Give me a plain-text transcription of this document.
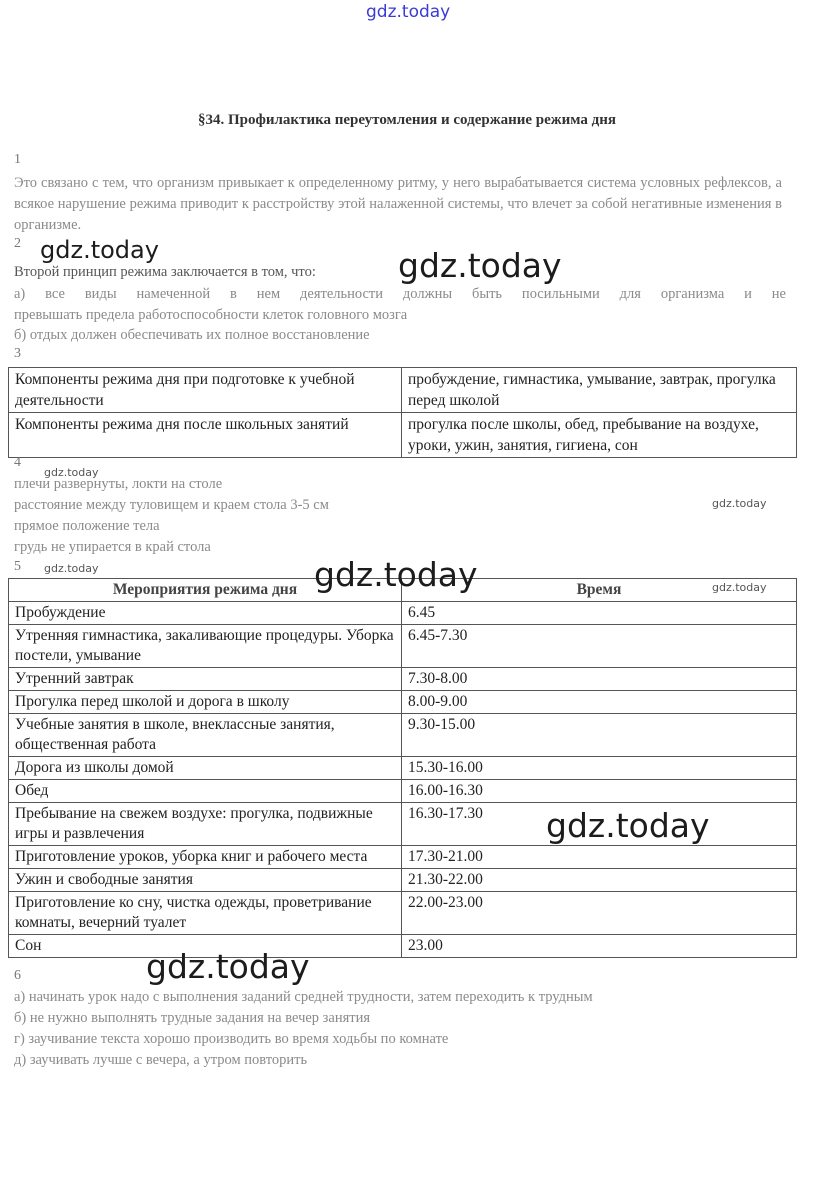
gdz.today
§34. Профилактика переутомления и содержание режима дня
1
Это связано с тем, что организм привыкает к определенному ритму, у него вырабатывается система условных рефлексов, а всякое нарушение режима приводит к расстройству этой налаженной системы, что влечет за собой негативные изменения в организме.
2
Второй принцип режима заключается в том, что:
а) все виды намеченной в нем деятельности должны быть посильными для организма и не
превышать предела работоспособности клеток головного мозга
б) отдых должен обеспечивать их полное восстановление
3
Компоненты режима дня при подготовке к учебной деятельности	пробуждение, гимнастика, умывание, завтрак, прогулка перед школой
Компоненты режима дня после школьных занятий	прогулка после школы, обед, пребывание на воздухе, уроки, ужин, занятия, гигиена, сон
4
плечи развернуты, локти на столе
расстояние между туловищем и краем стола 3-5 см
прямое положение тела
грудь не упирается в край стола
5
Мероприятия режима дня	Время
Пробуждение	6.45
Утренняя гимнастика, закаливающие процедуры. Уборка постели, умывание	6.45-7.30
Утренний завтрак	7.30-8.00
Прогулка перед школой и дорога в школу	8.00-9.00
Учебные занятия в школе, внеклассные занятия, общественная работа	9.30-15.00
Дорога из школы домой	15.30-16.00
Обед	16.00-16.30
Пребывание на свежем воздухе: прогулка, подвижные игры и развлечения	16.30-17.30
Приготовление уроков, уборка книг и рабочего места	17.30-21.00
Ужин и свободные занятия	21.30-22.00
Приготовление ко сну, чистка одежды, проветривание комнаты, вечерний туалет	22.00-23.00
Сон	23.00
6
а) начинать урок надо с выполнения заданий средней трудности, затем переходить к трудным
б) не нужно выполнять трудные задания на вечер занятия
г) заучивание текста хорошо производить во время ходьбы по комнате
д) заучивать лучше с вечера, а утром повторить
gdz.today	gdz.today
gdz.today
gdz.today
gdz.today	gdz.today	gdz.today
gdz.today
gdz.today
